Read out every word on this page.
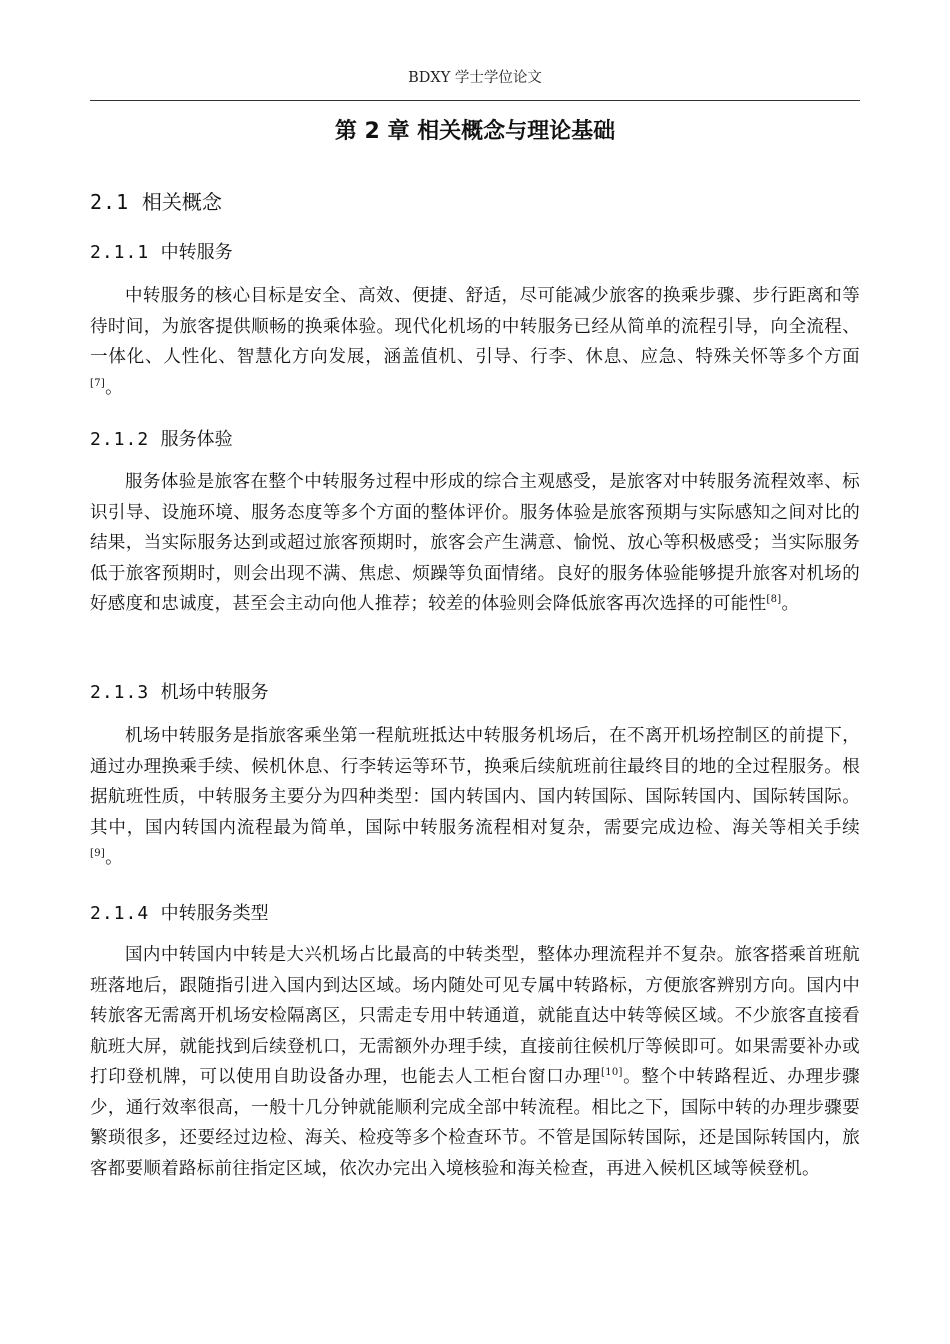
BDXY 学士学位论文
第 2 章 相关概念与理论基础
2.1 相关概念
2.1.1 中转服务

中转服务的核心目标是安全、高效、便捷、舒适，尽可能减少旅客的换乘步骤、步行距离和等待时间，为旅客提供顺畅的换乘体验。现代化机场的中转服务已经从简单的流程引导，向全流程、一体化、人性化、智慧化方向发展，涵盖值机、引导、行李、休息、应急、特殊关怀等多个方面[7]。

2.1.2 服务体验

服务体验是旅客在整个中转服务过程中形成的综合主观感受，是旅客对中转服务流程效率、标识引导、设施环境、服务态度等多个方面的整体评价。服务体验是旅客预期与实际感知之间对比的结果，当实际服务达到或超过旅客预期时，旅客会产生满意、愉悦、放心等积极感受；当实际服务低于旅客预期时，则会出现不满、焦虑、烦躁等负面情绪。良好的服务体验能够提升旅客对机场的好感度和忠诚度，甚至会主动向他人推荐；较差的体验则会降低旅客再次选择的可能性[8]。

2.1.3 机场中转服务

机场中转服务是指旅客乘坐第一程航班抵达中转服务机场后，在不离开机场控制区的前提下，通过办理换乘手续、候机休息、行李转运等环节，换乘后续航班前往最终目的地的全过程服务。根据航班性质，中转服务主要分为四种类型：国内转国内、国内转国际、国际转国内、国际转国际。其中，国内转国内流程最为简单，国际中转服务流程相对复杂，需要完成边检、海关等相关手续[9]。

2.1.4 中转服务类型

国内中转国内中转是大兴机场占比最高的中转类型，整体办理流程并不复杂。旅客搭乘首班航班落地后，跟随指引进入国内到达区域。场内随处可见专属中转路标，方便旅客辨别方向。国内中转旅客无需离开机场安检隔离区，只需走专用中转通道，就能直达中转等候区域。不少旅客直接看航班大屏，就能找到后续登机口，无需额外办理手续，直接前往候机厅等候即可。如果需要补办或打印登机牌，可以使用自助设备办理，也能去人工柜台窗口办理[10]。整个中转路程近、办理步骤少，通行效率很高，一般十几分钟就能顺利完成全部中转流程。相比之下，国际中转的办理步骤要繁琐很多，还要经过边检、海关、检疫等多个检查环节。不管是国际转国际，还是国际转国内，旅客都要顺着路标前往指定区域，依次办完出入境核验和海关检查，再进入候机区域等候登机。
